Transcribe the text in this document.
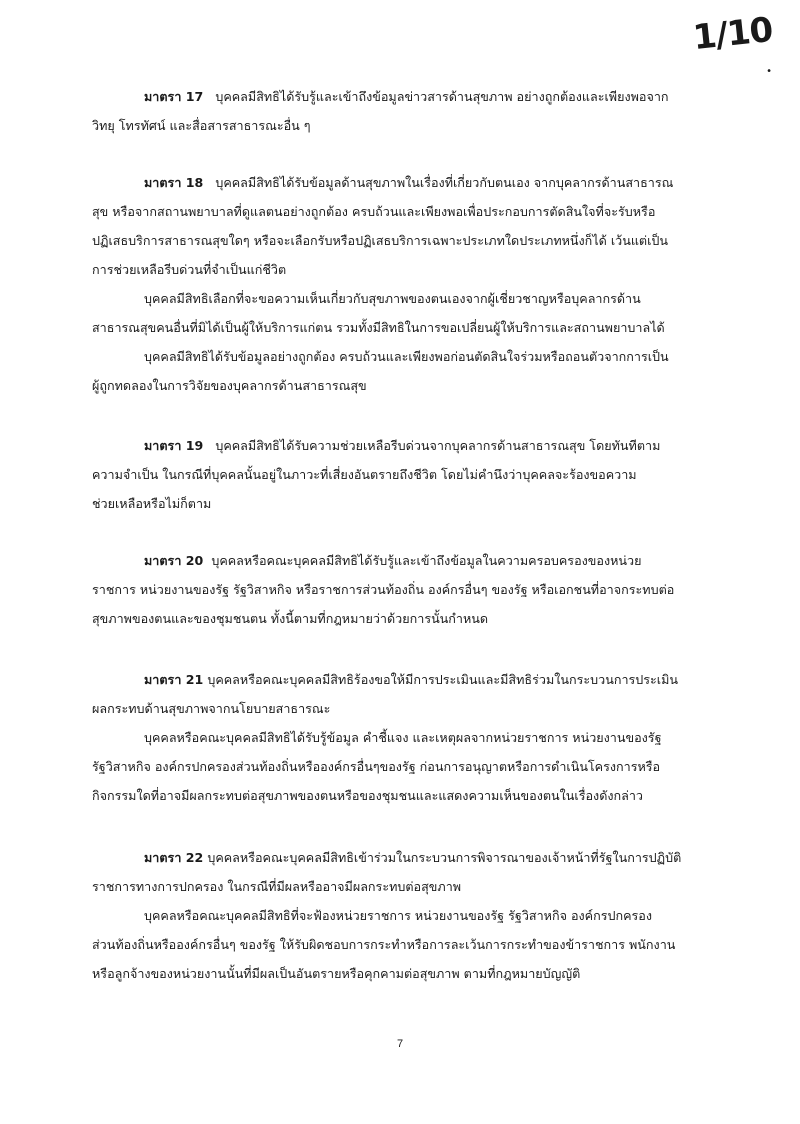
1/10
•
มาตรา 17 บุคคลมีสิทธิได้รับรู้และเข้าถึงข้อมูลข่าวสารด้านสุขภาพ อย่างถูกต้องและเพียงพอจาก
วิทยุ โทรทัศน์ และสื่อสารสาธารณะอื่น ๆ
มาตรา 18 บุคคลมีสิทธิได้รับข้อมูลด้านสุขภาพในเรื่องที่เกี่ยวกับตนเอง จากบุคลากรด้านสาธารณ
สุข หรือจากสถานพยาบาลที่ดูแลตนอย่างถูกต้อง ครบถ้วนและเพียงพอเพื่อประกอบการตัดสินใจที่จะรับหรือ
ปฏิเสธบริการสาธารณสุขใดๆ หรือจะเลือกรับหรือปฏิเสธบริการเฉพาะประเภทใดประเภทหนึ่งก็ได้ เว้นแต่เป็น
การช่วยเหลือรีบด่วนที่จำเป็นแก่ชีวิต
บุคคลมีสิทธิเลือกที่จะขอความเห็นเกี่ยวกับสุขภาพของตนเองจากผู้เชี่ยวชาญหรือบุคลากรด้าน
สาธารณสุขคนอื่นที่มิได้เป็นผู้ให้บริการแก่ตน รวมทั้งมีสิทธิในการขอเปลี่ยนผู้ให้บริการและสถานพยาบาลได้
บุคคลมีสิทธิได้รับข้อมูลอย่างถูกต้อง ครบถ้วนและเพียงพอก่อนตัดสินใจร่วมหรือถอนตัวจากการเป็น
ผู้ถูกทดลองในการวิจัยของบุคลากรด้านสาธารณสุข
มาตรา 19 บุคคลมีสิทธิได้รับความช่วยเหลือรีบด่วนจากบุคลากรด้านสาธารณสุข โดยทันทีตาม
ความจำเป็น ในกรณีที่บุคคลนั้นอยู่ในภาวะที่เสี่ยงอันตรายถึงชีวิต โดยไม่คำนึงว่าบุคคลจะร้องขอความ
ช่วยเหลือหรือไม่ก็ตาม
มาตรา 20 บุคคลหรือคณะบุคคลมีสิทธิได้รับรู้และเข้าถึงข้อมูลในความครอบครองของหน่วย
ราชการ หน่วยงานของรัฐ รัฐวิสาหกิจ หรือราชการส่วนท้องถิ่น องค์กรอื่นๆ ของรัฐ หรือเอกชนที่อาจกระทบต่อ
สุขภาพของตนและของชุมชนตน ทั้งนี้ตามที่กฎหมายว่าด้วยการนั้นกำหนด
มาตรา 21 บุคคลหรือคณะบุคคลมีสิทธิร้องขอให้มีการประเมินและมีสิทธิร่วมในกระบวนการประเมิน
ผลกระทบด้านสุขภาพจากนโยบายสาธารณะ
บุคคลหรือคณะบุคคลมีสิทธิได้รับรู้ข้อมูล คำชี้แจง และเหตุผลจากหน่วยราชการ หน่วยงานของรัฐ
รัฐวิสาหกิจ องค์กรปกครองส่วนท้องถิ่นหรือองค์กรอื่นๆของรัฐ ก่อนการอนุญาตหรือการดำเนินโครงการหรือ
กิจกรรมใดที่อาจมีผลกระทบต่อสุขภาพของตนหรือของชุมชนและแสดงความเห็นของตนในเรื่องดังกล่าว
มาตรา 22 บุคคลหรือคณะบุคคลมีสิทธิเข้าร่วมในกระบวนการพิจารณาของเจ้าหน้าที่รัฐในการปฏิบัติ
ราชการทางการปกครอง ในกรณีที่มีผลหรืออาจมีผลกระทบต่อสุขภาพ
บุคคลหรือคณะบุคคลมีสิทธิที่จะฟ้องหน่วยราชการ หน่วยงานของรัฐ รัฐวิสาหกิจ องค์กรปกครอง
ส่วนท้องถิ่นหรือองค์กรอื่นๆ ของรัฐ ให้รับผิดชอบการกระทำหรือการละเว้นการกระทำของข้าราชการ พนักงาน
หรือลูกจ้างของหน่วยงานนั้นที่มีผลเป็นอันตรายหรือคุกคามต่อสุขภาพ ตามที่กฎหมายบัญญัติ
7
